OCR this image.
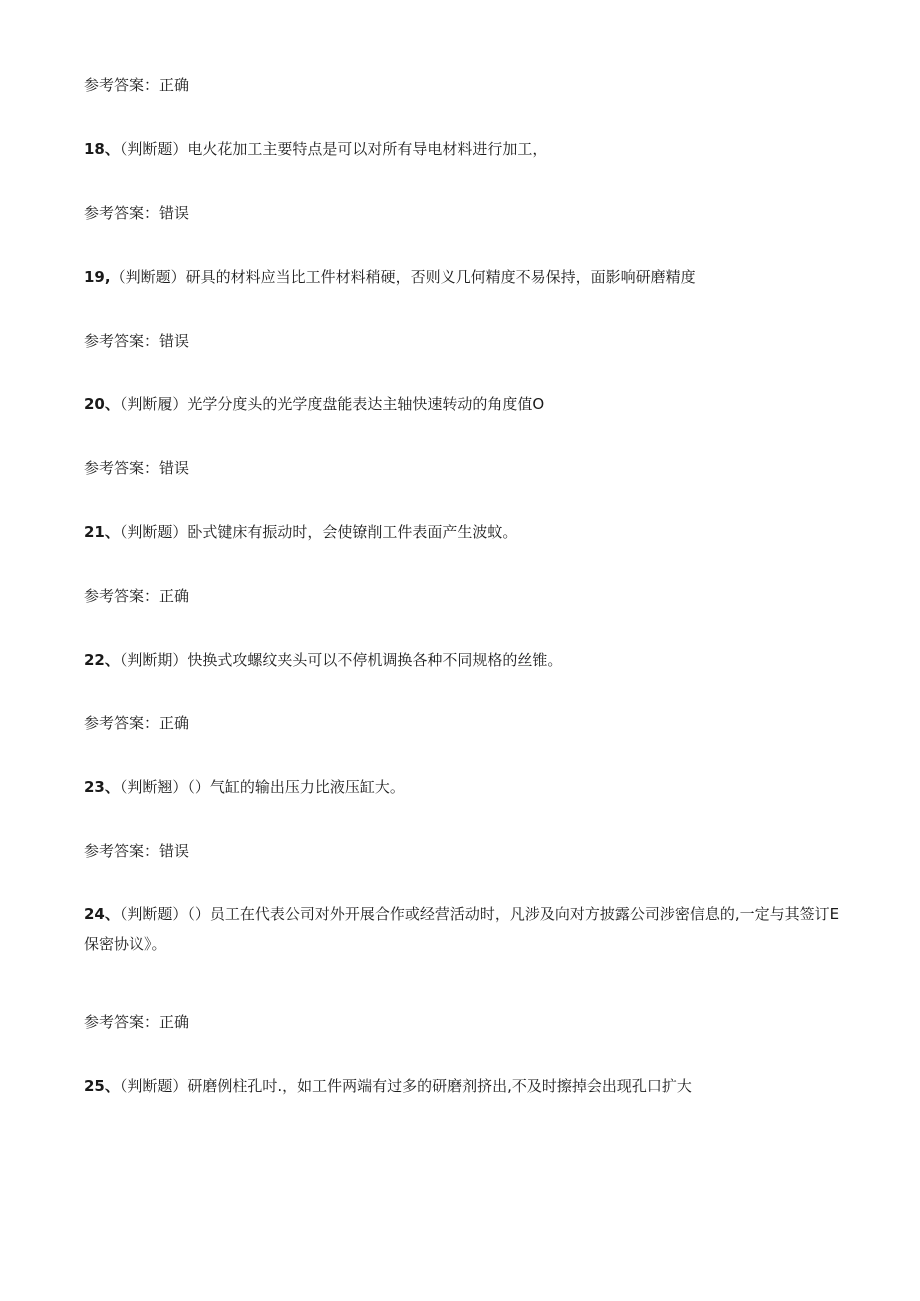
参考答案：正确
18、（判断题）电火花加工主要特点是可以对所有导电材料进行加工，
参考答案：错误
19,（判断题）研具的材料应当比工件材料稍硬，否则义几何精度不易保持，面影响研磨精度
参考答案：错误
20、（判断履）光学分度头的光学度盘能表达主轴快速转动的角度值O
参考答案：错误
21、（判断题）卧式键床有振动时，会使镣削工件表面产生波蚊。
参考答案：正确
22、（判断期）快换式攻螺纹夹头可以不停机调换各种不同规格的丝锥。
参考答案：正确
23、（判断翘）（）气缸的输出压力比液压缸大。
参考答案：错误
24、（判断题）（）员工在代表公司对外开展合作或经营活动时，凡涉及向对方披露公司涉密信息的,一定与其签订E保密协议》。
参考答案：正确
25、（判断题）研磨例柱孔吋.，如工件两端有过多的研磨剂挤出,不及时擦掉会出现孔口扩大
